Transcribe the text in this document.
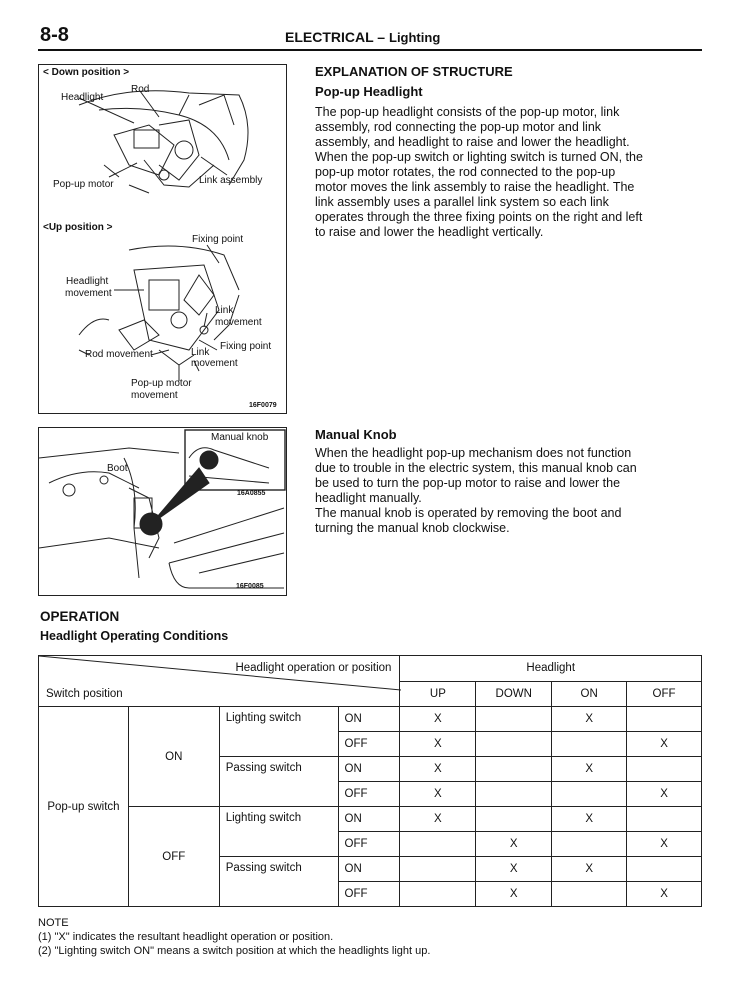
8-8	ELECTRICAL – Lighting
< Down position >
Headlight
Rod
Pop-up motor	Link assembly
<Up position >
Fixing point
Headlight
movement
Link
movement
Fixing point
Rod movement	Link
movement
Pop-up motor
movement
16F0079
Manual knob
Boot
16A0855
16F0085
EXPLANATION OF STRUCTURE
Pop-up Headlight
The pop-up headlight consists of the pop-up motor, link
assembly, rod connecting the pop-up motor and link
assembly, and headlight to raise and lower the headlight.
When the pop-up switch or lighting switch is turned ON, the
pop-up motor rotates, the rod connected to the pop-up
motor moves the link assembly to raise the headlight. The
link assembly uses a parallel link system so each link
operates through the three fixing points on the right and left
to raise and lower the headlight vertically.
Manual Knob
When the headlight pop-up mechanism does not function
due to trouble in the electric system, this manual knob can
be used to turn the pop-up motor to raise and lower the
headlight manually.
The manual knob is operated by removing the boot and
turning the manual knob clockwise.
OPERATION
Headlight Operating Conditions
Headlight operation or position
Switch position				Headlight			
				UP	DOWN	ON	OFF
Pop-up switch	ON	Lighting switch	ON	X		X	
			OFF	X			X
		Passing switch	ON	X		X	
			OFF	X			X
	OFF	Lighting switch	ON	X		X	
			OFF		X		X
		Passing switch	ON		X	X	
			OFF		X		X
NOTE
(1) "X" indicates the resultant headlight operation or position.
(2) "Lighting switch ON" means a switch position at which the headlights light up.
